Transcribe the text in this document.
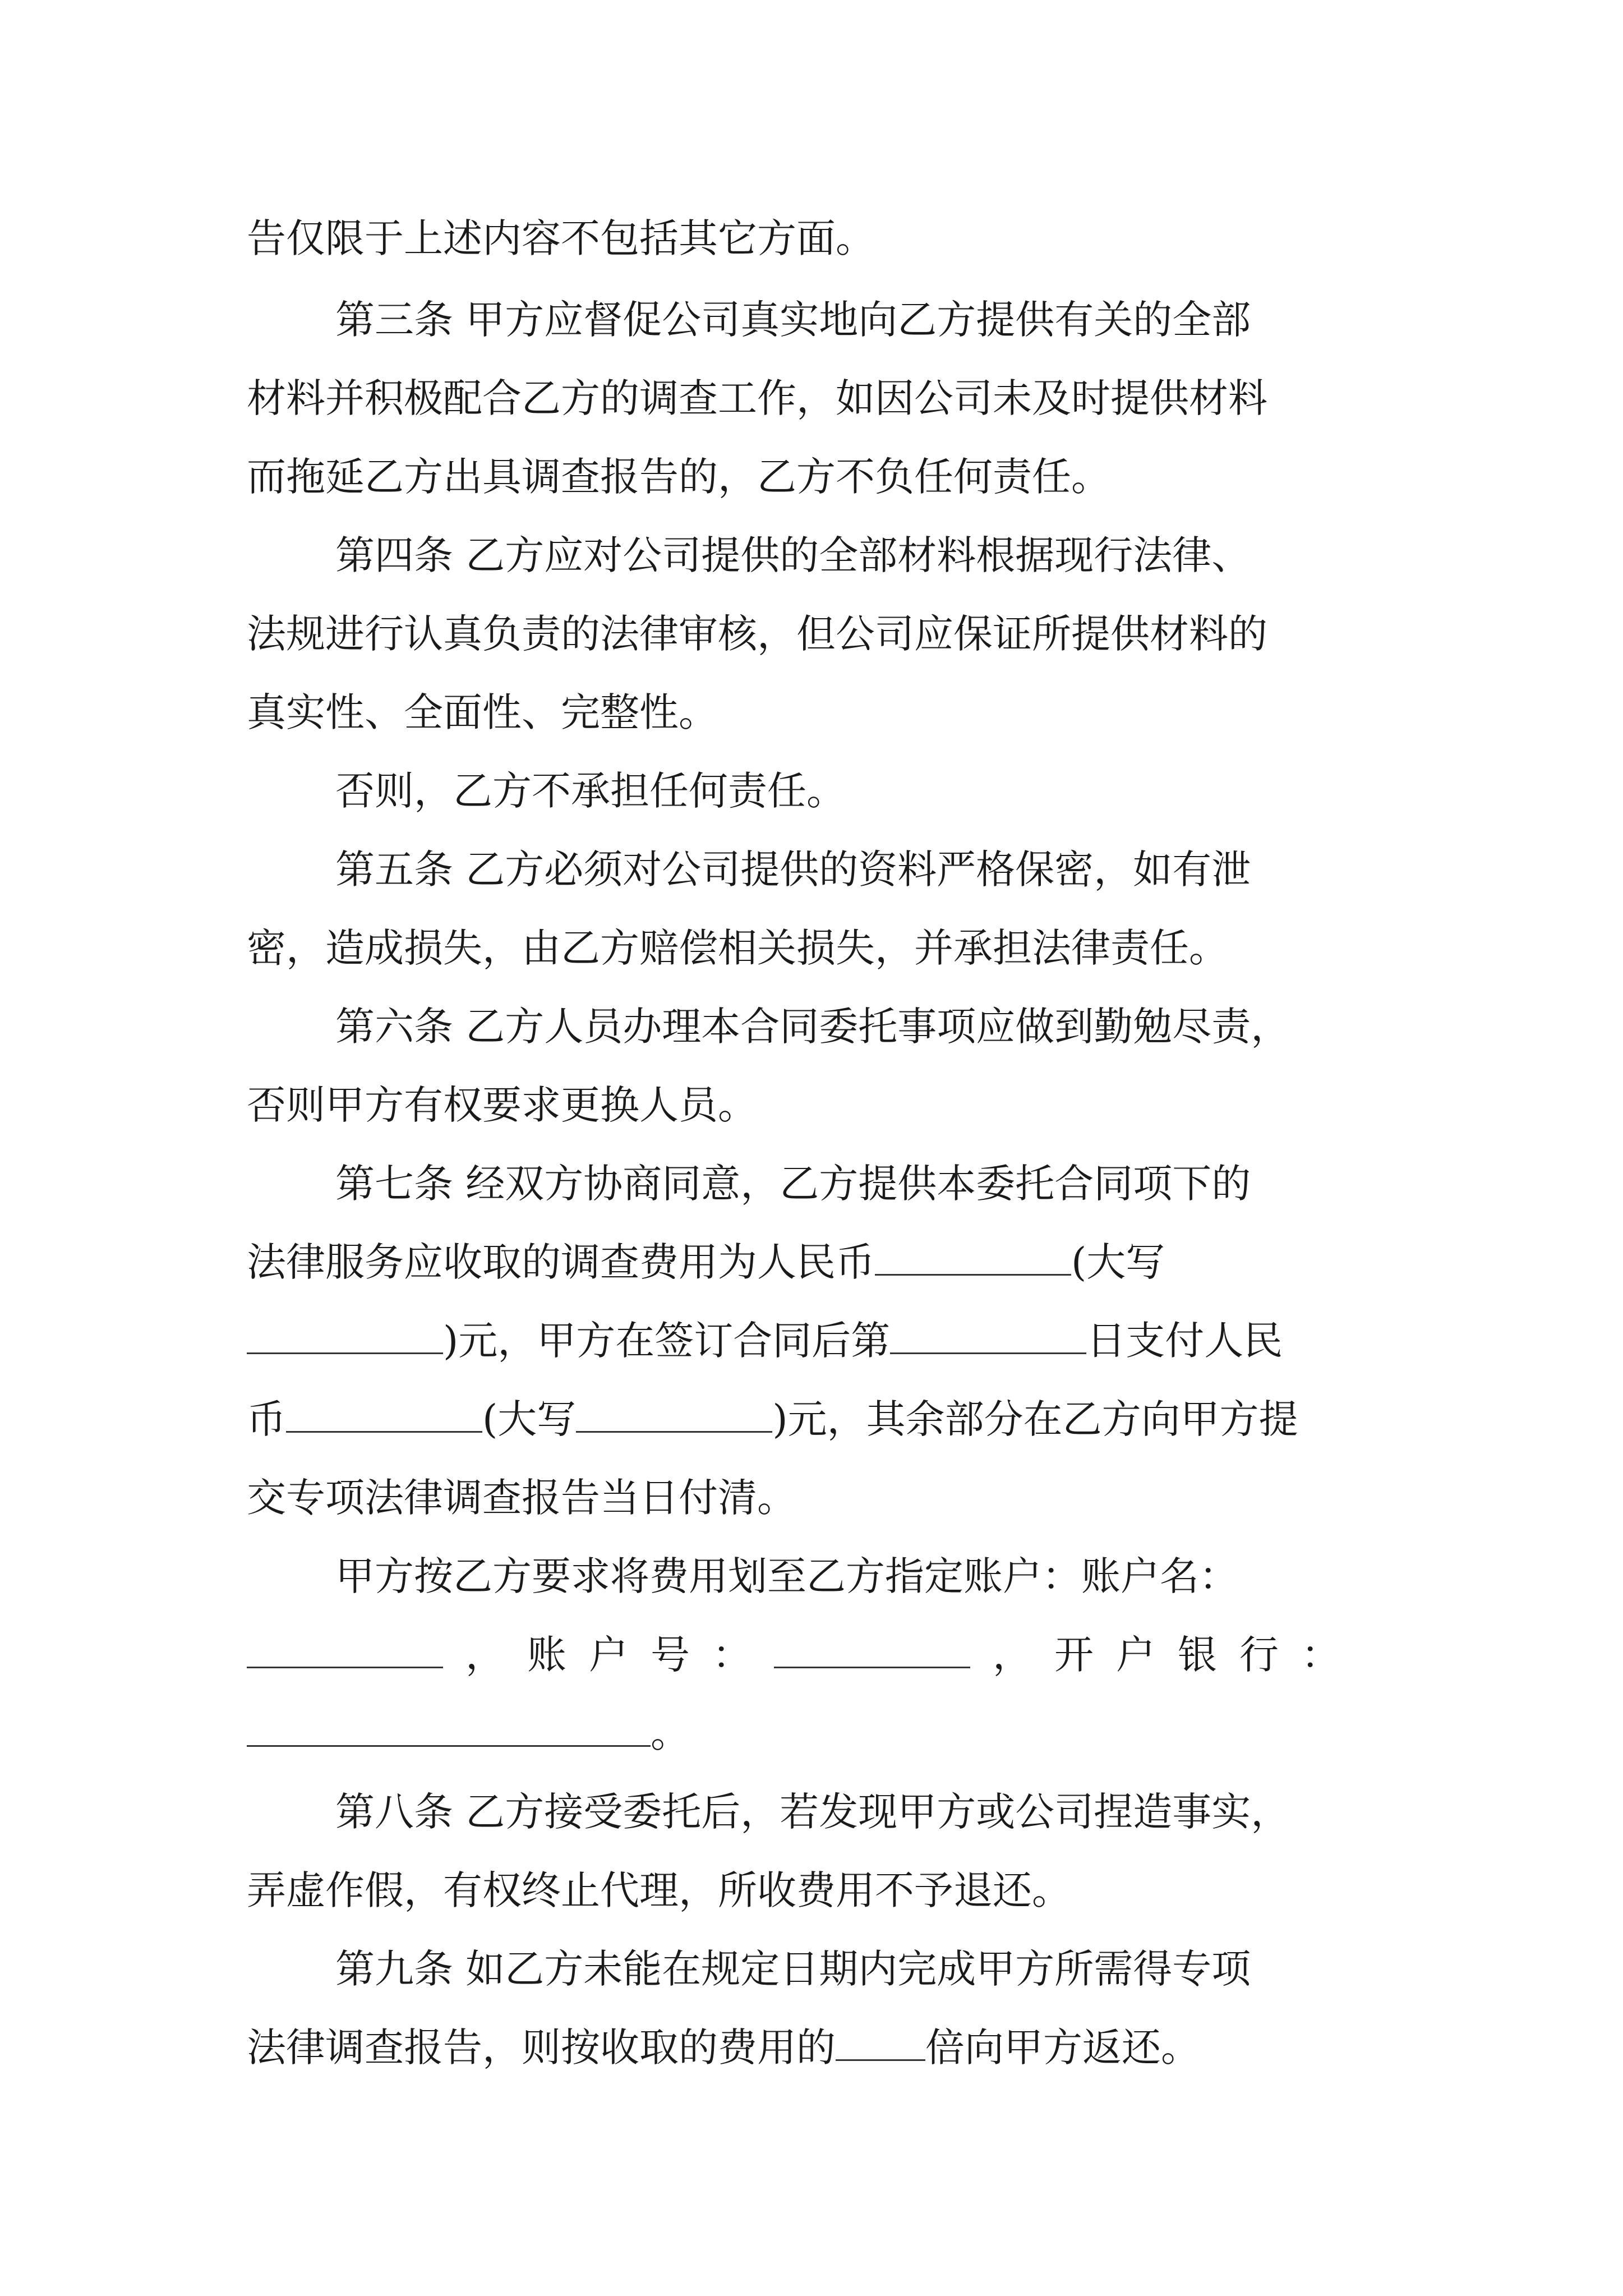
告仅限于上述内容不包括其它方面。
第三条 甲方应督促公司真实地向乙方提供有关的全部
材料并积极配合乙方的调查工作，如因公司未及时提供材料
而拖延乙方出具调查报告的，乙方不负任何责任。
第四条 乙方应对公司提供的全部材料根据现行法律、
法规进行认真负责的法律审核，但公司应保证所提供材料的
真实性、全面性、完整性。
否则，乙方不承担任何责任。
第五条 乙方必须对公司提供的资料严格保密，如有泄
密，造成损失，由乙方赔偿相关损失，并承担法律责任。
第六条 乙方人员办理本合同委托事项应做到勤勉尽责，
否则甲方有权要求更换人员。
第七条 经双方协商同意，乙方提供本委托合同项下的
法律服务应收取的调查费用为人民币	(大写
)元，甲方在签订合同后第	日支付人民
币	(大写	)元，其余部分在乙方向甲方提
交专项法律调查报告当日付清。
甲方按乙方要求将费用划至乙方指定账户：账户名：
， 账户号：	， 开户银行：
。
第八条 乙方接受委托后，若发现甲方或公司捏造事实，
弄虚作假，有权终止代理，所收费用不予退还。
第九条 如乙方未能在规定日期内完成甲方所需得专项
法律调查报告，则按收取的费用的 倍向甲方返还。
